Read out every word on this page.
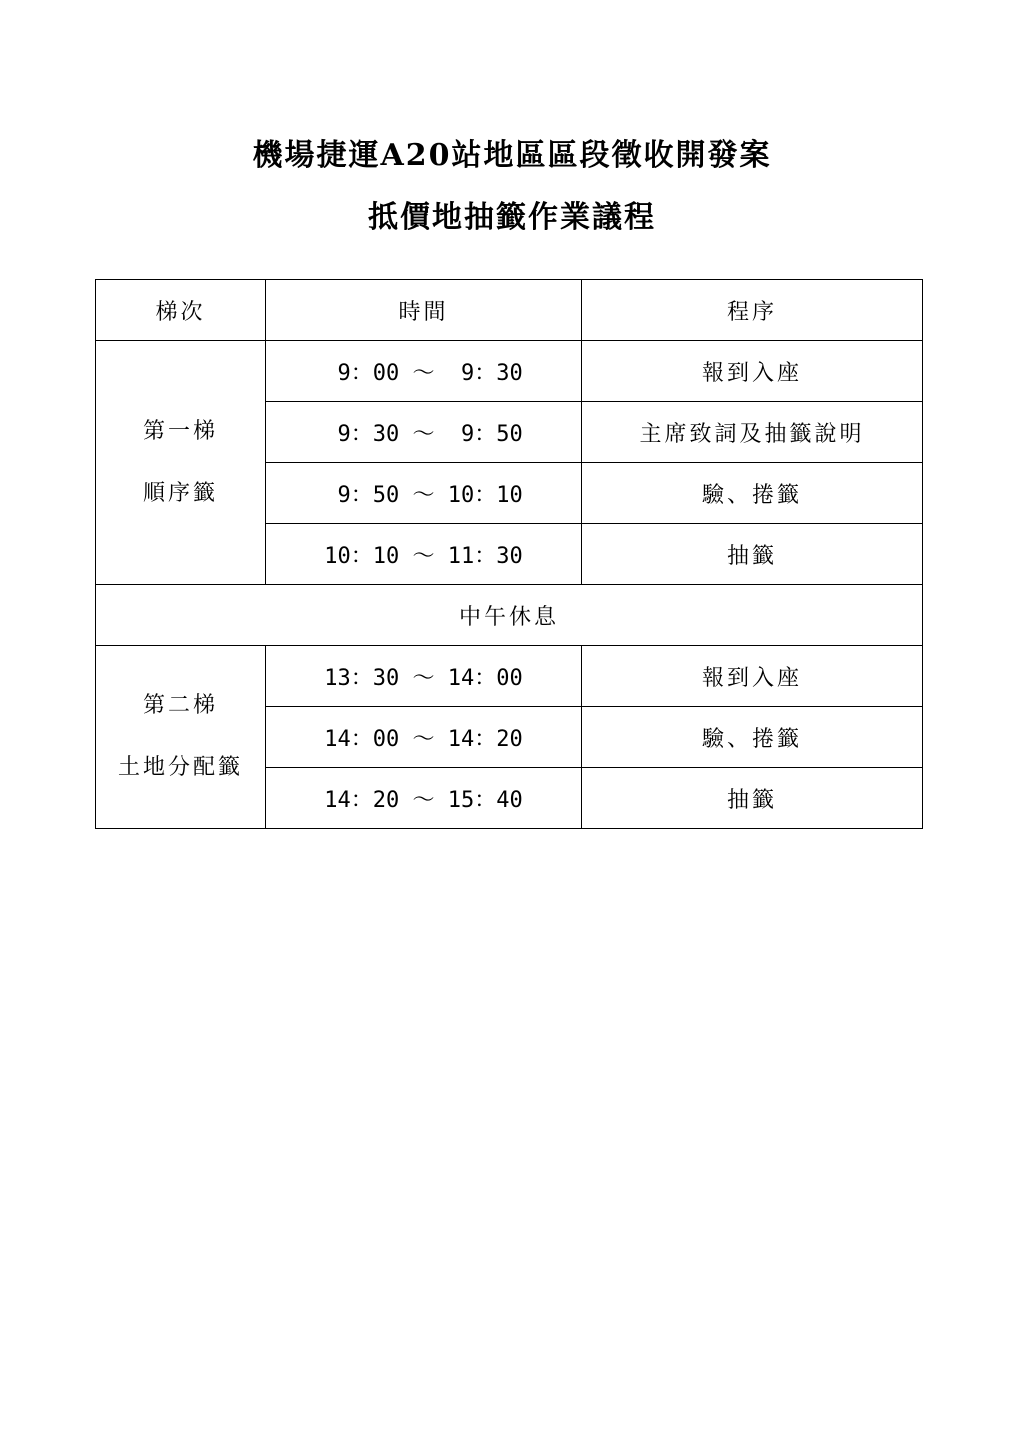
機場捷運A20站地區區段徵收開發案
抵價地抽籤作業議程
梯次	時間	程序

第一梯
順序籤	9：00 ～  9：30	報到入座
	9：30 ～  9：50	主席致詞及抽籤說明
	9：50 ～ 10：10	驗、捲籤
	10：10 ～ 11：30	抽籤
中午休息		

第二梯
土地分配籤	13：30 ～ 14：00	報到入座
	14：00 ～ 14：20	驗、捲籤
	14：20 ～ 15：40	抽籤
